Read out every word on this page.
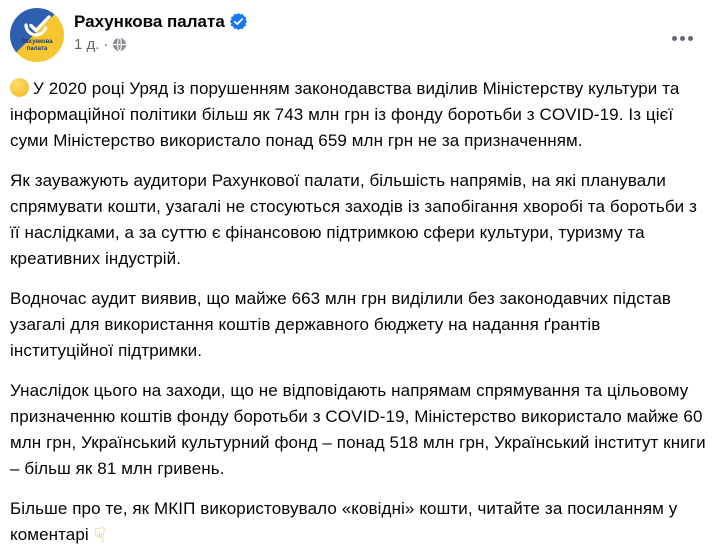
Рахункова
палата
Рахункова палата
1 д. ·

У 2020 році Уряд із порушенням законодавства виділив Міністерству культури та інформаційної політики більш як 743 млн грн із фонду боротьби з COVID-19. Із цієї суми Міністерство використало понад 659 млн грн не за призначенням.

Як зауважують аудитори Рахункової палати, більшість напрямів, на які планували спрямувати кошти, узагалі не стосуються заходів із запобігання хворобі та боротьби з її наслідками, а за суттю є фінансовою підтримкою сфери культури, туризму та креативних індустрій.

Водночас аудит виявив, що майже 663 млн грн виділили без законодавчих підстав узагалі для використання коштів державного бюджету на надання ґрантів інституційної підтримки.

Унаслідок цього на заходи, що не відповідають напрямам спрямування та цільовому призначенню коштів фонду боротьби з COVID-19, Міністерство використало майже 60 млн грн, Український культурний фонд – понад 518 млн грн, Український інститут книги – більш як 81 млн гривень.

Більше про те, як МКІП використовувало «ковідні» кошти, читайте за посиланням у коментарі ☟
